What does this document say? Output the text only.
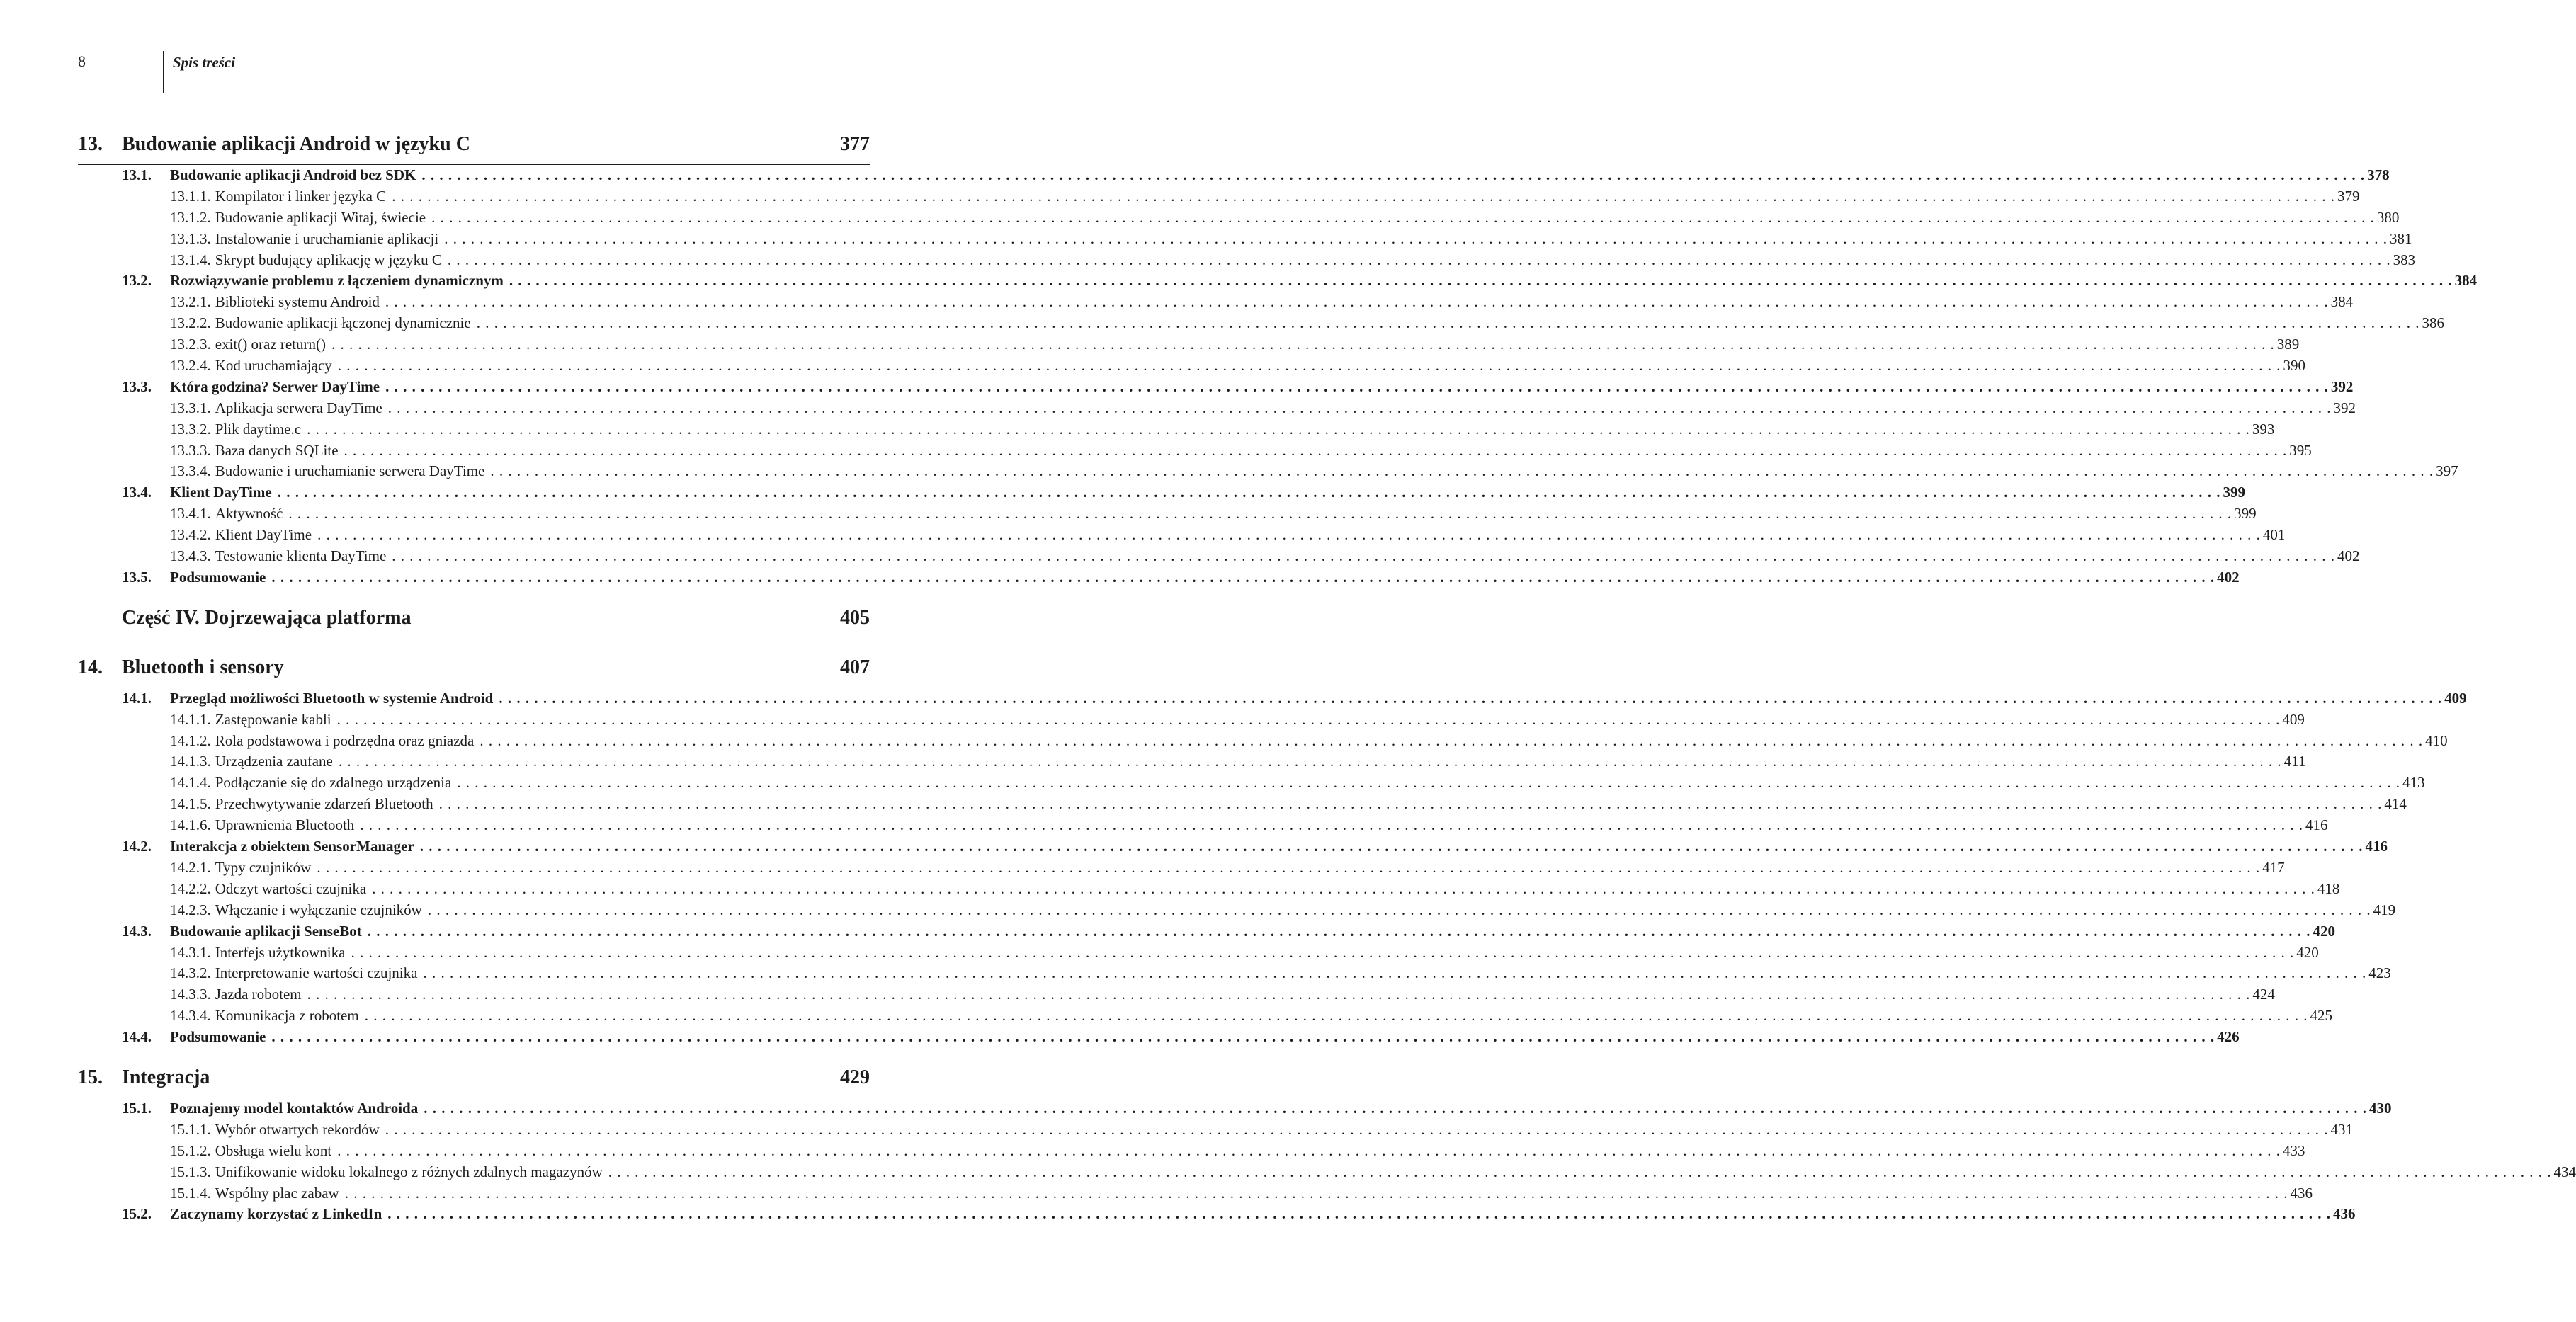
8	Spis treści
13. Budowanie aplikacji Android w języku C	377
13.1.	Budowanie aplikacji Android bez SDK . . . . . . . . . . . . . . . . . . . . . . . . . . . . . . . . . . . . . . . . . . . . . . . . . . . . . . . . . . . . . . . . . . . . . . . . . . . . . . . . . . . . . . . . . . . . . . . . . . . . . . . . . . . . . . . . . . . . . . . . . . . . . . . . . . . . . . . . . . . . . . . . . . . . . . . . . . . . . . . . . . . . . . . . . . . . . . . . . . . . . . . . . . . . . . . . . . . . . . . . . . . . . . . . . . . . . . . . . . . . 378
13.1.1. Kompilator i linker języka C . . . . . . . . . . . . . . . . . . . . . . . . . . . . . . . . . . . . . . . . . . . . . . . . . . . . . . . . . . . . . . . . . . . . . . . . . . . . . . . . . . . . . . . . . . . . . . . . . . . . . . . . . . . . . . . . . . . . . . . . . . . . . . . . . . . . . . . . . . . . . . . . . . . . . . . . . . . . . . . . . . . . . . . . . . . . . . . . . . . . . . . . . . . . . . . . . . . . . . . . . . . . . . . . . . . . . . . . . . . . 379
13.1.2. Budowanie aplikacji Witaj, świecie . . . . . . . . . . . . . . . . . . . . . . . . . . . . . . . . . . . . . . . . . . . . . . . . . . . . . . . . . . . . . . . . . . . . . . . . . . . . . . . . . . . . . . . . . . . . . . . . . . . . . . . . . . . . . . . . . . . . . . . . . . . . . . . . . . . . . . . . . . . . . . . . . . . . . . . . . . . . . . . . . . . . . . . . . . . . . . . . . . . . . . . . . . . . . . . . . . . . . . . . . . . . . . . . . . . . . . . . . . . . 380
13.1.3. Instalowanie i uruchamianie aplikacji . . . . . . . . . . . . . . . . . . . . . . . . . . . . . . . . . . . . . . . . . . . . . . . . . . . . . . . . . . . . . . . . . . . . . . . . . . . . . . . . . . . . . . . . . . . . . . . . . . . . . . . . . . . . . . . . . . . . . . . . . . . . . . . . . . . . . . . . . . . . . . . . . . . . . . . . . . . . . . . . . . . . . . . . . . . . . . . . . . . . . . . . . . . . . . . . . . . . . . . . . . . . . . . . . . . . . . . . . . . . 381
13.1.4. Skrypt budujący aplikację w języku C . . . . . . . . . . . . . . . . . . . . . . . . . . . . . . . . . . . . . . . . . . . . . . . . . . . . . . . . . . . . . . . . . . . . . . . . . . . . . . . . . . . . . . . . . . . . . . . . . . . . . . . . . . . . . . . . . . . . . . . . . . . . . . . . . . . . . . . . . . . . . . . . . . . . . . . . . . . . . . . . . . . . . . . . . . . . . . . . . . . . . . . . . . . . . . . . . . . . . . . . . . . . . . . . . . . . . . . . . . . . 383
13.2.	Rozwiązywanie problemu z łączeniem dynamicznym . . . . . . . . . . . . . . . . . . . . . . . . . . . . . . . . . . . . . . . . . . . . . . . . . . . . . . . . . . . . . . . . . . . . . . . . . . . . . . . . . . . . . . . . . . . . . . . . . . . . . . . . . . . . . . . . . . . . . . . . . . . . . . . . . . . . . . . . . . . . . . . . . . . . . . . . . . . . . . . . . . . . . . . . . . . . . . . . . . . . . . . . . . . . . . . . . . . . . . . . . . . . . . . . . . . . . . . . . . . . 384
13.2.1. Biblioteki systemu Android . . . . . . . . . . . . . . . . . . . . . . . . . . . . . . . . . . . . . . . . . . . . . . . . . . . . . . . . . . . . . . . . . . . . . . . . . . . . . . . . . . . . . . . . . . . . . . . . . . . . . . . . . . . . . . . . . . . . . . . . . . . . . . . . . . . . . . . . . . . . . . . . . . . . . . . . . . . . . . . . . . . . . . . . . . . . . . . . . . . . . . . . . . . . . . . . . . . . . . . . . . . . . . . . . . . . . . . . . . . . 384
13.2.2. Budowanie aplikacji łączonej dynamicznie . . . . . . . . . . . . . . . . . . . . . . . . . . . . . . . . . . . . . . . . . . . . . . . . . . . . . . . . . . . . . . . . . . . . . . . . . . . . . . . . . . . . . . . . . . . . . . . . . . . . . . . . . . . . . . . . . . . . . . . . . . . . . . . . . . . . . . . . . . . . . . . . . . . . . . . . . . . . . . . . . . . . . . . . . . . . . . . . . . . . . . . . . . . . . . . . . . . . . . . . . . . . . . . . . . . . . . . . . . . . 386
13.2.3. exit() oraz return() . . . . . . . . . . . . . . . . . . . . . . . . . . . . . . . . . . . . . . . . . . . . . . . . . . . . . . . . . . . . . . . . . . . . . . . . . . . . . . . . . . . . . . . . . . . . . . . . . . . . . . . . . . . . . . . . . . . . . . . . . . . . . . . . . . . . . . . . . . . . . . . . . . . . . . . . . . . . . . . . . . . . . . . . . . . . . . . . . . . . . . . . . . . . . . . . . . . . . . . . . . . . . . . . . . . . . . . . . . . . 389
13.2.4. Kod uruchamiający . . . . . . . . . . . . . . . . . . . . . . . . . . . . . . . . . . . . . . . . . . . . . . . . . . . . . . . . . . . . . . . . . . . . . . . . . . . . . . . . . . . . . . . . . . . . . . . . . . . . . . . . . . . . . . . . . . . . . . . . . . . . . . . . . . . . . . . . . . . . . . . . . . . . . . . . . . . . . . . . . . . . . . . . . . . . . . . . . . . . . . . . . . . . . . . . . . . . . . . . . . . . . . . . . . . . . . . . . . . . 390
13.3.	Która godzina? Serwer DayTime . . . . . . . . . . . . . . . . . . . . . . . . . . . . . . . . . . . . . . . . . . . . . . . . . . . . . . . . . . . . . . . . . . . . . . . . . . . . . . . . . . . . . . . . . . . . . . . . . . . . . . . . . . . . . . . . . . . . . . . . . . . . . . . . . . . . . . . . . . . . . . . . . . . . . . . . . . . . . . . . . . . . . . . . . . . . . . . . . . . . . . . . . . . . . . . . . . . . . . . . . . . . . . . . . . . . . . . . . . . . 392
13.3.1. Aplikacja serwera DayTime . . . . . . . . . . . . . . . . . . . . . . . . . . . . . . . . . . . . . . . . . . . . . . . . . . . . . . . . . . . . . . . . . . . . . . . . . . . . . . . . . . . . . . . . . . . . . . . . . . . . . . . . . . . . . . . . . . . . . . . . . . . . . . . . . . . . . . . . . . . . . . . . . . . . . . . . . . . . . . . . . . . . . . . . . . . . . . . . . . . . . . . . . . . . . . . . . . . . . . . . . . . . . . . . . . . . . . . . . . . . 392
13.3.2. Plik daytime.c . . . . . . . . . . . . . . . . . . . . . . . . . . . . . . . . . . . . . . . . . . . . . . . . . . . . . . . . . . . . . . . . . . . . . . . . . . . . . . . . . . . . . . . . . . . . . . . . . . . . . . . . . . . . . . . . . . . . . . . . . . . . . . . . . . . . . . . . . . . . . . . . . . . . . . . . . . . . . . . . . . . . . . . . . . . . . . . . . . . . . . . . . . . . . . . . . . . . . . . . . . . . . . . . . . . . . . . . . . . . 393
13.3.3. Baza danych SQLite . . . . . . . . . . . . . . . . . . . . . . . . . . . . . . . . . . . . . . . . . . . . . . . . . . . . . . . . . . . . . . . . . . . . . . . . . . . . . . . . . . . . . . . . . . . . . . . . . . . . . . . . . . . . . . . . . . . . . . . . . . . . . . . . . . . . . . . . . . . . . . . . . . . . . . . . . . . . . . . . . . . . . . . . . . . . . . . . . . . . . . . . . . . . . . . . . . . . . . . . . . . . . . . . . . . . . . . . . . . . 395
13.3.4. Budowanie i uruchamianie serwera DayTime . . . . . . . . . . . . . . . . . . . . . . . . . . . . . . . . . . . . . . . . . . . . . . . . . . . . . . . . . . . . . . . . . . . . . . . . . . . . . . . . . . . . . . . . . . . . . . . . . . . . . . . . . . . . . . . . . . . . . . . . . . . . . . . . . . . . . . . . . . . . . . . . . . . . . . . . . . . . . . . . . . . . . . . . . . . . . . . . . . . . . . . . . . . . . . . . . . . . . . . . . . . . . . . . . . . . . . . . . . . . 397
13.4.	Klient DayTime . . . . . . . . . . . . . . . . . . . . . . . . . . . . . . . . . . . . . . . . . . . . . . . . . . . . . . . . . . . . . . . . . . . . . . . . . . . . . . . . . . . . . . . . . . . . . . . . . . . . . . . . . . . . . . . . . . . . . . . . . . . . . . . . . . . . . . . . . . . . . . . . . . . . . . . . . . . . . . . . . . . . . . . . . . . . . . . . . . . . . . . . . . . . . . . . . . . . . . . . . . . . . . . . . . . . . . . . . . . . 399
13.4.1. Aktywność . . . . . . . . . . . . . . . . . . . . . . . . . . . . . . . . . . . . . . . . . . . . . . . . . . . . . . . . . . . . . . . . . . . . . . . . . . . . . . . . . . . . . . . . . . . . . . . . . . . . . . . . . . . . . . . . . . . . . . . . . . . . . . . . . . . . . . . . . . . . . . . . . . . . . . . . . . . . . . . . . . . . . . . . . . . . . . . . . . . . . . . . . . . . . . . . . . . . . . . . . . . . . . . . . . . . . . . . . . . . 399
13.4.2. Klient DayTime . . . . . . . . . . . . . . . . . . . . . . . . . . . . . . . . . . . . . . . . . . . . . . . . . . . . . . . . . . . . . . . . . . . . . . . . . . . . . . . . . . . . . . . . . . . . . . . . . . . . . . . . . . . . . . . . . . . . . . . . . . . . . . . . . . . . . . . . . . . . . . . . . . . . . . . . . . . . . . . . . . . . . . . . . . . . . . . . . . . . . . . . . . . . . . . . . . . . . . . . . . . . . . . . . . . . . . . . . . . . 401
13.4.3. Testowanie klienta DayTime . . . . . . . . . . . . . . . . . . . . . . . . . . . . . . . . . . . . . . . . . . . . . . . . . . . . . . . . . . . . . . . . . . . . . . . . . . . . . . . . . . . . . . . . . . . . . . . . . . . . . . . . . . . . . . . . . . . . . . . . . . . . . . . . . . . . . . . . . . . . . . . . . . . . . . . . . . . . . . . . . . . . . . . . . . . . . . . . . . . . . . . . . . . . . . . . . . . . . . . . . . . . . . . . . . . . . . . . . . . . 402
13.5.	Podsumowanie . . . . . . . . . . . . . . . . . . . . . . . . . . . . . . . . . . . . . . . . . . . . . . . . . . . . . . . . . . . . . . . . . . . . . . . . . . . . . . . . . . . . . . . . . . . . . . . . . . . . . . . . . . . . . . . . . . . . . . . . . . . . . . . . . . . . . . . . . . . . . . . . . . . . . . . . . . . . . . . . . . . . . . . . . . . . . . . . . . . . . . . . . . . . . . . . . . . . . . . . . . . . . . . . . . . . . . . . . . . . 402
Część IV. Dojrzewająca platforma	405
14. Bluetooth i sensory	407
14.1.	Przegląd możliwości Bluetooth w systemie Android . . . . . . . . . . . . . . . . . . . . . . . . . . . . . . . . . . . . . . . . . . . . . . . . . . . . . . . . . . . . . . . . . . . . . . . . . . . . . . . . . . . . . . . . . . . . . . . . . . . . . . . . . . . . . . . . . . . . . . . . . . . . . . . . . . . . . . . . . . . . . . . . . . . . . . . . . . . . . . . . . . . . . . . . . . . . . . . . . . . . . . . . . . . . . . . . . . . . . . . . . . . . . . . . . . . . . . . . . . . . 409
14.1.1. Zastępowanie kabli . . . . . . . . . . . . . . . . . . . . . . . . . . . . . . . . . . . . . . . . . . . . . . . . . . . . . . . . . . . . . . . . . . . . . . . . . . . . . . . . . . . . . . . . . . . . . . . . . . . . . . . . . . . . . . . . . . . . . . . . . . . . . . . . . . . . . . . . . . . . . . . . . . . . . . . . . . . . . . . . . . . . . . . . . . . . . . . . . . . . . . . . . . . . . . . . . . . . . . . . . . . . . . . . . . . . . . . . . . . . 409
14.1.2. Rola podstawowa i podrzędna oraz gniazda . . . . . . . . . . . . . . . . . . . . . . . . . . . . . . . . . . . . . . . . . . . . . . . . . . . . . . . . . . . . . . . . . . . . . . . . . . . . . . . . . . . . . . . . . . . . . . . . . . . . . . . . . . . . . . . . . . . . . . . . . . . . . . . . . . . . . . . . . . . . . . . . . . . . . . . . . . . . . . . . . . . . . . . . . . . . . . . . . . . . . . . . . . . . . . . . . . . . . . . . . . . . . . . . . . . . . . . . . . . . 410
14.1.3. Urządzenia zaufane . . . . . . . . . . . . . . . . . . . . . . . . . . . . . . . . . . . . . . . . . . . . . . . . . . . . . . . . . . . . . . . . . . . . . . . . . . . . . . . . . . . . . . . . . . . . . . . . . . . . . . . . . . . . . . . . . . . . . . . . . . . . . . . . . . . . . . . . . . . . . . . . . . . . . . . . . . . . . . . . . . . . . . . . . . . . . . . . . . . . . . . . . . . . . . . . . . . . . . . . . . . . . . . . . . . . . . . . . . . . 411
14.1.4. Podłączanie się do zdalnego urządzenia . . . . . . . . . . . . . . . . . . . . . . . . . . . . . . . . . . . . . . . . . . . . . . . . . . . . . . . . . . . . . . . . . . . . . . . . . . . . . . . . . . . . . . . . . . . . . . . . . . . . . . . . . . . . . . . . . . . . . . . . . . . . . . . . . . . . . . . . . . . . . . . . . . . . . . . . . . . . . . . . . . . . . . . . . . . . . . . . . . . . . . . . . . . . . . . . . . . . . . . . . . . . . . . . . . . . . . . . . . . . 413
14.1.5. Przechwytywanie zdarzeń Bluetooth . . . . . . . . . . . . . . . . . . . . . . . . . . . . . . . . . . . . . . . . . . . . . . . . . . . . . . . . . . . . . . . . . . . . . . . . . . . . . . . . . . . . . . . . . . . . . . . . . . . . . . . . . . . . . . . . . . . . . . . . . . . . . . . . . . . . . . . . . . . . . . . . . . . . . . . . . . . . . . . . . . . . . . . . . . . . . . . . . . . . . . . . . . . . . . . . . . . . . . . . . . . . . . . . . . . . . . . . . . . . 414
14.1.6. Uprawnienia Bluetooth . . . . . . . . . . . . . . . . . . . . . . . . . . . . . . . . . . . . . . . . . . . . . . . . . . . . . . . . . . . . . . . . . . . . . . . . . . . . . . . . . . . . . . . . . . . . . . . . . . . . . . . . . . . . . . . . . . . . . . . . . . . . . . . . . . . . . . . . . . . . . . . . . . . . . . . . . . . . . . . . . . . . . . . . . . . . . . . . . . . . . . . . . . . . . . . . . . . . . . . . . . . . . . . . . . . . . . . . . . . . 416
14.2.	Interakcja z obiektem SensorManager . . . . . . . . . . . . . . . . . . . . . . . . . . . . . . . . . . . . . . . . . . . . . . . . . . . . . . . . . . . . . . . . . . . . . . . . . . . . . . . . . . . . . . . . . . . . . . . . . . . . . . . . . . . . . . . . . . . . . . . . . . . . . . . . . . . . . . . . . . . . . . . . . . . . . . . . . . . . . . . . . . . . . . . . . . . . . . . . . . . . . . . . . . . . . . . . . . . . . . . . . . . . . . . . . . . . . . . . . . . . 416
14.2.1. Typy czujników . . . . . . . . . . . . . . . . . . . . . . . . . . . . . . . . . . . . . . . . . . . . . . . . . . . . . . . . . . . . . . . . . . . . . . . . . . . . . . . . . . . . . . . . . . . . . . . . . . . . . . . . . . . . . . . . . . . . . . . . . . . . . . . . . . . . . . . . . . . . . . . . . . . . . . . . . . . . . . . . . . . . . . . . . . . . . . . . . . . . . . . . . . . . . . . . . . . . . . . . . . . . . . . . . . . . . . . . . . . . 417
14.2.2. Odczyt wartości czujnika . . . . . . . . . . . . . . . . . . . . . . . . . . . . . . . . . . . . . . . . . . . . . . . . . . . . . . . . . . . . . . . . . . . . . . . . . . . . . . . . . . . . . . . . . . . . . . . . . . . . . . . . . . . . . . . . . . . . . . . . . . . . . . . . . . . . . . . . . . . . . . . . . . . . . . . . . . . . . . . . . . . . . . . . . . . . . . . . . . . . . . . . . . . . . . . . . . . . . . . . . . . . . . . . . . . . . . . . . . . . 418
14.2.3. Włączanie i wyłączanie czujników . . . . . . . . . . . . . . . . . . . . . . . . . . . . . . . . . . . . . . . . . . . . . . . . . . . . . . . . . . . . . . . . . . . . . . . . . . . . . . . . . . . . . . . . . . . . . . . . . . . . . . . . . . . . . . . . . . . . . . . . . . . . . . . . . . . . . . . . . . . . . . . . . . . . . . . . . . . . . . . . . . . . . . . . . . . . . . . . . . . . . . . . . . . . . . . . . . . . . . . . . . . . . . . . . . . . . . . . . . . . 419
14.3.	Budowanie aplikacji SenseBot . . . . . . . . . . . . . . . . . . . . . . . . . . . . . . . . . . . . . . . . . . . . . . . . . . . . . . . . . . . . . . . . . . . . . . . . . . . . . . . . . . . . . . . . . . . . . . . . . . . . . . . . . . . . . . . . . . . . . . . . . . . . . . . . . . . . . . . . . . . . . . . . . . . . . . . . . . . . . . . . . . . . . . . . . . . . . . . . . . . . . . . . . . . . . . . . . . . . . . . . . . . . . . . . . . . . . . . . . . . . 420
14.3.1. Interfejs użytkownika . . . . . . . . . . . . . . . . . . . . . . . . . . . . . . . . . . . . . . . . . . . . . . . . . . . . . . . . . . . . . . . . . . . . . . . . . . . . . . . . . . . . . . . . . . . . . . . . . . . . . . . . . . . . . . . . . . . . . . . . . . . . . . . . . . . . . . . . . . . . . . . . . . . . . . . . . . . . . . . . . . . . . . . . . . . . . . . . . . . . . . . . . . . . . . . . . . . . . . . . . . . . . . . . . . . . . . . . . . . . 420
14.3.2. Interpretowanie wartości czujnika . . . . . . . . . . . . . . . . . . . . . . . . . . . . . . . . . . . . . . . . . . . . . . . . . . . . . . . . . . . . . . . . . . . . . . . . . . . . . . . . . . . . . . . . . . . . . . . . . . . . . . . . . . . . . . . . . . . . . . . . . . . . . . . . . . . . . . . . . . . . . . . . . . . . . . . . . . . . . . . . . . . . . . . . . . . . . . . . . . . . . . . . . . . . . . . . . . . . . . . . . . . . . . . . . . . . . . . . . . . . 423
14.3.3. Jazda robotem . . . . . . . . . . . . . . . . . . . . . . . . . . . . . . . . . . . . . . . . . . . . . . . . . . . . . . . . . . . . . . . . . . . . . . . . . . . . . . . . . . . . . . . . . . . . . . . . . . . . . . . . . . . . . . . . . . . . . . . . . . . . . . . . . . . . . . . . . . . . . . . . . . . . . . . . . . . . . . . . . . . . . . . . . . . . . . . . . . . . . . . . . . . . . . . . . . . . . . . . . . . . . . . . . . . . . . . . . . . . 424
14.3.4. Komunikacja z robotem . . . . . . . . . . . . . . . . . . . . . . . . . . . . . . . . . . . . . . . . . . . . . . . . . . . . . . . . . . . . . . . . . . . . . . . . . . . . . . . . . . . . . . . . . . . . . . . . . . . . . . . . . . . . . . . . . . . . . . . . . . . . . . . . . . . . . . . . . . . . . . . . . . . . . . . . . . . . . . . . . . . . . . . . . . . . . . . . . . . . . . . . . . . . . . . . . . . . . . . . . . . . . . . . . . . . . . . . . . . . 425
14.4.	Podsumowanie . . . . . . . . . . . . . . . . . . . . . . . . . . . . . . . . . . . . . . . . . . . . . . . . . . . . . . . . . . . . . . . . . . . . . . . . . . . . . . . . . . . . . . . . . . . . . . . . . . . . . . . . . . . . . . . . . . . . . . . . . . . . . . . . . . . . . . . . . . . . . . . . . . . . . . . . . . . . . . . . . . . . . . . . . . . . . . . . . . . . . . . . . . . . . . . . . . . . . . . . . . . . . . . . . . . . . . . . . . . . 426
15. Integracja	429
15.1.	Poznajemy model kontaktów Androida . . . . . . . . . . . . . . . . . . . . . . . . . . . . . . . . . . . . . . . . . . . . . . . . . . . . . . . . . . . . . . . . . . . . . . . . . . . . . . . . . . . . . . . . . . . . . . . . . . . . . . . . . . . . . . . . . . . . . . . . . . . . . . . . . . . . . . . . . . . . . . . . . . . . . . . . . . . . . . . . . . . . . . . . . . . . . . . . . . . . . . . . . . . . . . . . . . . . . . . . . . . . . . . . . . . . . . . . . . . . 430
15.1.1. Wybór otwartych rekordów . . . . . . . . . . . . . . . . . . . . . . . . . . . . . . . . . . . . . . . . . . . . . . . . . . . . . . . . . . . . . . . . . . . . . . . . . . . . . . . . . . . . . . . . . . . . . . . . . . . . . . . . . . . . . . . . . . . . . . . . . . . . . . . . . . . . . . . . . . . . . . . . . . . . . . . . . . . . . . . . . . . . . . . . . . . . . . . . . . . . . . . . . . . . . . . . . . . . . . . . . . . . . . . . . . . . . . . . . . . . 431
15.1.2. Obsługa wielu kont . . . . . . . . . . . . . . . . . . . . . . . . . . . . . . . . . . . . . . . . . . . . . . . . . . . . . . . . . . . . . . . . . . . . . . . . . . . . . . . . . . . . . . . . . . . . . . . . . . . . . . . . . . . . . . . . . . . . . . . . . . . . . . . . . . . . . . . . . . . . . . . . . . . . . . . . . . . . . . . . . . . . . . . . . . . . . . . . . . . . . . . . . . . . . . . . . . . . . . . . . . . . . . . . . . . . . . . . . . . . 433
15.1.3. Unifikowanie widoku lokalnego z różnych zdalnych magazynów . . . . . . . . . . . . . . . . . . . . . . . . . . . . . . . . . . . . . . . . . . . . . . . . . . . . . . . . . . . . . . . . . . . . . . . . . . . . . . . . . . . . . . . . . . . . . . . . . . . . . . . . . . . . . . . . . . . . . . . . . . . . . . . . . . . . . . . . . . . . . . . . . . . . . . . . . . . . . . . . . . . . . . . . . . . . . . . . . . . . . . . . . . . . . . . . . . . . . . . . . . . . . . . . . . . . . . . . . . . . 434
15.1.4. Wspólny plac zabaw . . . . . . . . . . . . . . . . . . . . . . . . . . . . . . . . . . . . . . . . . . . . . . . . . . . . . . . . . . . . . . . . . . . . . . . . . . . . . . . . . . . . . . . . . . . . . . . . . . . . . . . . . . . . . . . . . . . . . . . . . . . . . . . . . . . . . . . . . . . . . . . . . . . . . . . . . . . . . . . . . . . . . . . . . . . . . . . . . . . . . . . . . . . . . . . . . . . . . . . . . . . . . . . . . . . . . . . . . . . . 436
15.2.	Zaczynamy korzystać z LinkedIn . . . . . . . . . . . . . . . . . . . . . . . . . . . . . . . . . . . . . . . . . . . . . . . . . . . . . . . . . . . . . . . . . . . . . . . . . . . . . . . . . . . . . . . . . . . . . . . . . . . . . . . . . . . . . . . . . . . . . . . . . . . . . . . . . . . . . . . . . . . . . . . . . . . . . . . . . . . . . . . . . . . . . . . . . . . . . . . . . . . . . . . . . . . . . . . . . . . . . . . . . . . . . . . . . . . . . . . . . . . . 436
